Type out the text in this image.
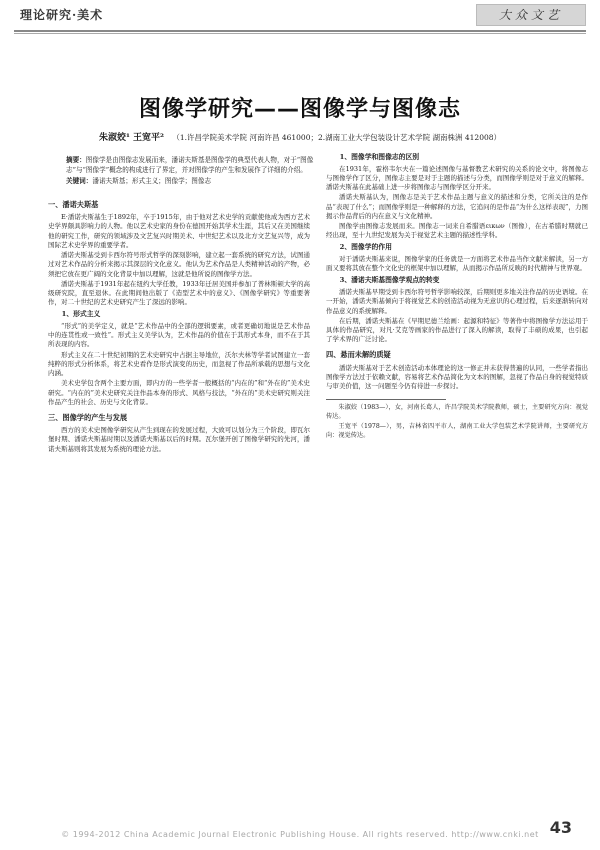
理论研究·美术	大众文艺
图像学研究——图像学与图像志
朱淑姣¹ 王宽平² （1.许昌学院美术学院 河南许昌 461000；2.湖南工业大学包装设计艺术学院 湖南株洲 412008）
摘要：图像学是由图像志发展而来，潘诺夫斯基是图像学的典型代表人物，对于“图像志”与“图像学”概念的构成进行了界定，并对图像学的产生和发展作了详细的介绍。
关键词：潘诺夫斯基；形式主义；图像学；图像志
一、潘诺夫斯基

E·潘诺夫斯基生于1892年，卒于1915年，由于他对艺术史学的贡献使他成为西方艺术史学界颇具影响力的人物。他以艺术史家的身份在德国开始其学术生涯，其后又在美国继续他的研究工作，研究的领域涉及文艺复兴时期美术、中世纪艺术以及北方文艺复兴等，成为国际艺术史学界的重要学者。

潘诺夫斯基受到卡西尔符号形式哲学的深刻影响，建立起一套系统的研究方法，试图通过对艺术作品的分析来揭示其深层的文化意义。他认为艺术作品是人类精神活动的产物，必须把它放在更广阔的文化背景中加以理解，这就是他所说的图像学方法。

潘诺夫斯基于1931年起在纽约大学任教，1933年迁居美国并参加了普林斯顿大学的高级研究院，直至退休。在此期间他出版了《造型艺术中的意义》、《图像学研究》等重要著作，对二十世纪的艺术史研究产生了深远的影响。

1、形式主义

“形式”的美学定义，就是“艺术作品中的全部的逻辑要素，或者更确切地说是艺术作品中的连贯性或一致性”。形式主义美学认为，艺术作品的价值在于其形式本身，而不在于其所表现的内容。

形式主义在二十世纪初期的艺术史研究中占据主导地位，沃尔夫林等学者试图建立一套纯粹的形式分析体系，将艺术史看作是形式演变的历史，而忽视了作品所承载的思想与文化内涵。

美术史学包含两个主要方面，即内方的一些学者一般概括的“内在的”和“外在的”美术史研究。“内在的”美术史研究关注作品本身的形式、风格与技法，“外在的”美术史研究则关注作品产生的社会、历史与文化背景。

三、图像学的产生与发展

西方的美术史图像学研究从产生到现在的发展过程，大致可以划分为三个阶段，即瓦尔堡时期、潘诺夫斯基时期以及潘诺夫斯基以后的时期。瓦尔堡开创了图像学研究的先河，潘诺夫斯基则将其发展为系统的理论方法。

1、图像学和图像志的区别

在1931年，霍格韦尔夫在一篇论述图像与基督教艺术研究的关系的论文中，将图像志与图像学作了区分，图像志主要是对于主题的描述与分类，而图像学则是对于意义的解释。潘诺夫斯基在此基础上进一步将图像志与图像学区分开来。

潘诺夫斯基认为，图像志是关于艺术作品主题与意义的描述和分类，它所关注的是作品“表现了什么”；而图像学则是一种解释的方法，它追问的是作品“为什么这样表现”，力图揭示作品背后的内在意义与文化精神。

图像学由图像志发展而来。图像志一词来自希腊语εικων（图像），在古希腊时期就已经出现，至十九世纪发展为关于视觉艺术主题的描述性学科。

2、图像学的作用

对于潘诺夫斯基来说，图像学家的任务就是一方面将艺术作品当作文献来解读，另一方面又要将其放在整个文化史的框架中加以理解，从而揭示作品所反映的时代精神与世界观。

3、潘诺夫斯基图像学观点的转变

潘诺夫斯基早期受到卡西尔符号哲学影响较深，后期则更多地关注作品的历史语境。在一开始，潘诺夫斯基倾向于将视觉艺术的创造活动视为无意识的心理过程，后来逐渐转向对作品意义的系统解释。

在后期，潘诺夫斯基在《早期尼德兰绘画：起源和特征》等著作中将图像学方法运用于具体的作品研究，对凡·艾克等画家的作品进行了深入的解读，取得了丰硕的成果，也引起了学术界的广泛讨论。

四、悬而未解的质疑

潘诺夫斯基对于艺术创造活动本体理论的这一修正并未获得普遍的认同，一些学者指出图像学方法过于依赖文献，容易将艺术作品简化为文本的图解，忽视了作品自身的视觉特质与审美价值，这一问题至今仍有待进一步探讨。

朱淑姣（1983—），女，河南长葛人，许昌学院美术学院教师，硕士，主要研究方向：视觉传达。

王宽平（1978—），男，吉林省四平市人，湖南工业大学包装艺术学院讲师，主要研究方向：视觉传达。

43
© 1994-2012 China Academic Journal Electronic Publishing House. All rights reserved. http://www.cnki.net
